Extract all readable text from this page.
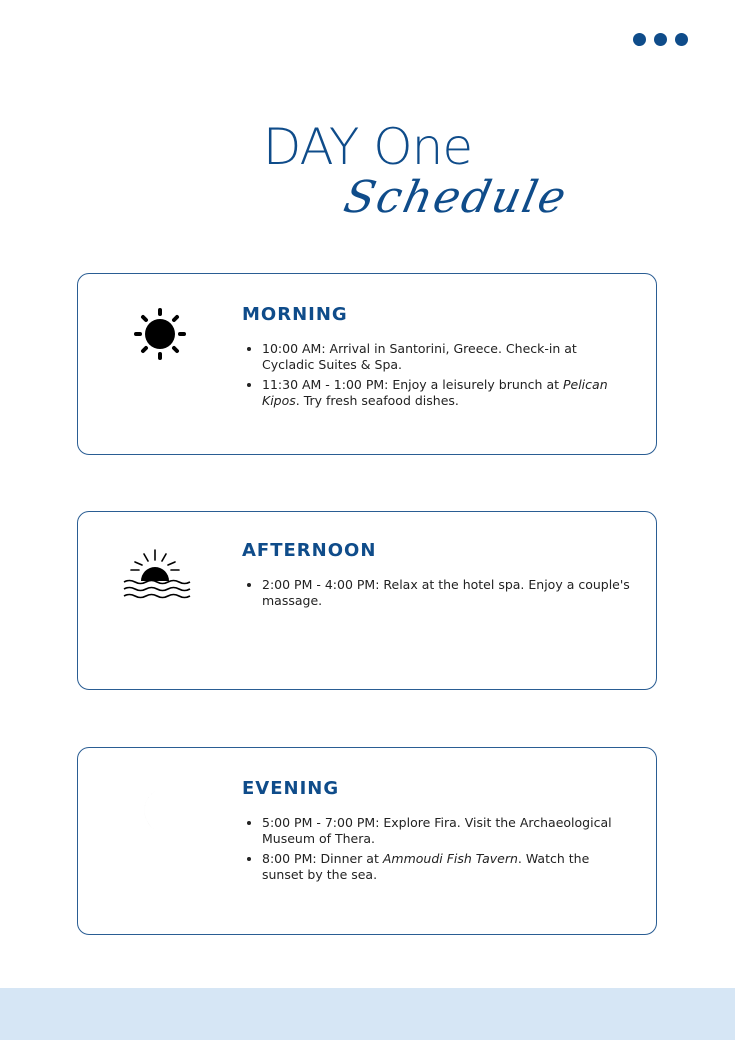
DAY One
Schedule
MORNING
• 10:00 AM: Arrival in Santorini, Greece. Check-in at Cycladic Suites & Spa.
• 11:30 AM - 1:00 PM: Enjoy a leisurely brunch at Pelican Kipos. Try fresh seafood dishes.
AFTERNOON
• 2:00 PM - 4:00 PM: Relax at the hotel spa. Enjoy a couple's massage.
EVENING
• 5:00 PM - 7:00 PM: Explore Fira. Visit the Archaeological Museum of Thera.
• 8:00 PM: Dinner at Ammoudi Fish Tavern. Watch the sunset by the sea.
